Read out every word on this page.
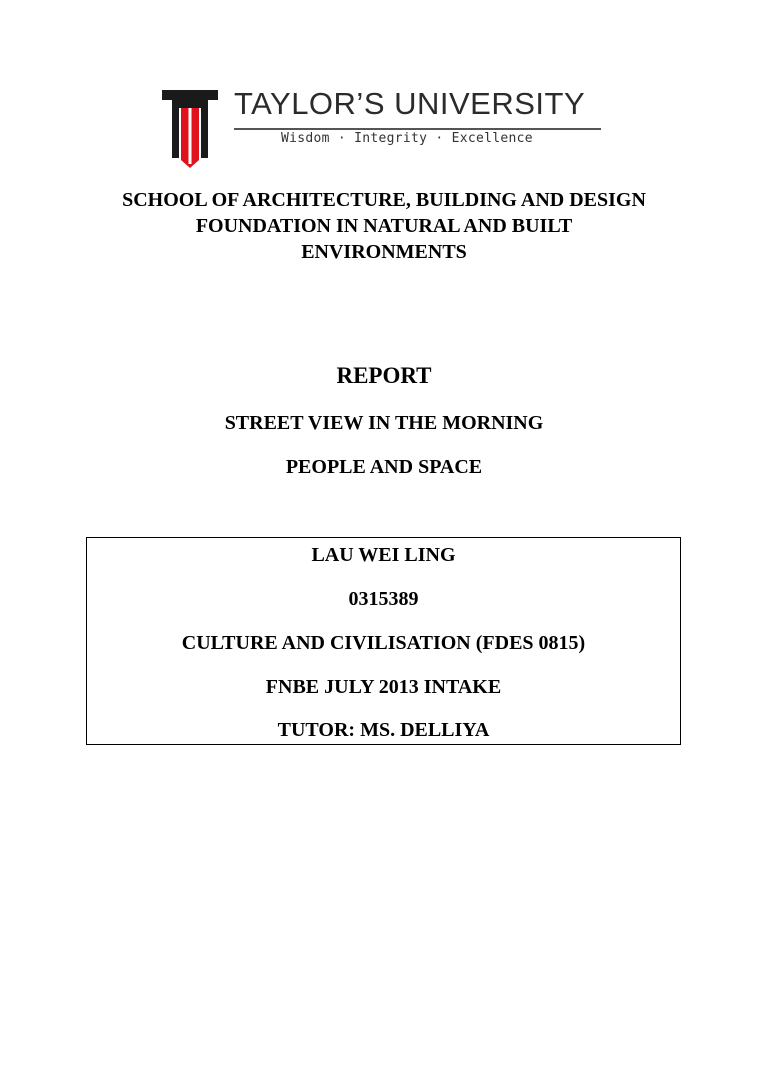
TAYLOR’S UNIVERSITY
Wisdom · Integrity · Excellence
SCHOOL OF ARCHITECTURE, BUILDING AND DESIGN
FOUNDATION IN NATURAL AND BUILT ENVIRONMENTS
REPORT
STREET VIEW IN THE MORNING
PEOPLE AND SPACE
LAU WEI LING
0315389
CULTURE AND CIVILISATION (FDES 0815)
FNBE JULY 2013 INTAKE
TUTOR: MS. DELLIYA
